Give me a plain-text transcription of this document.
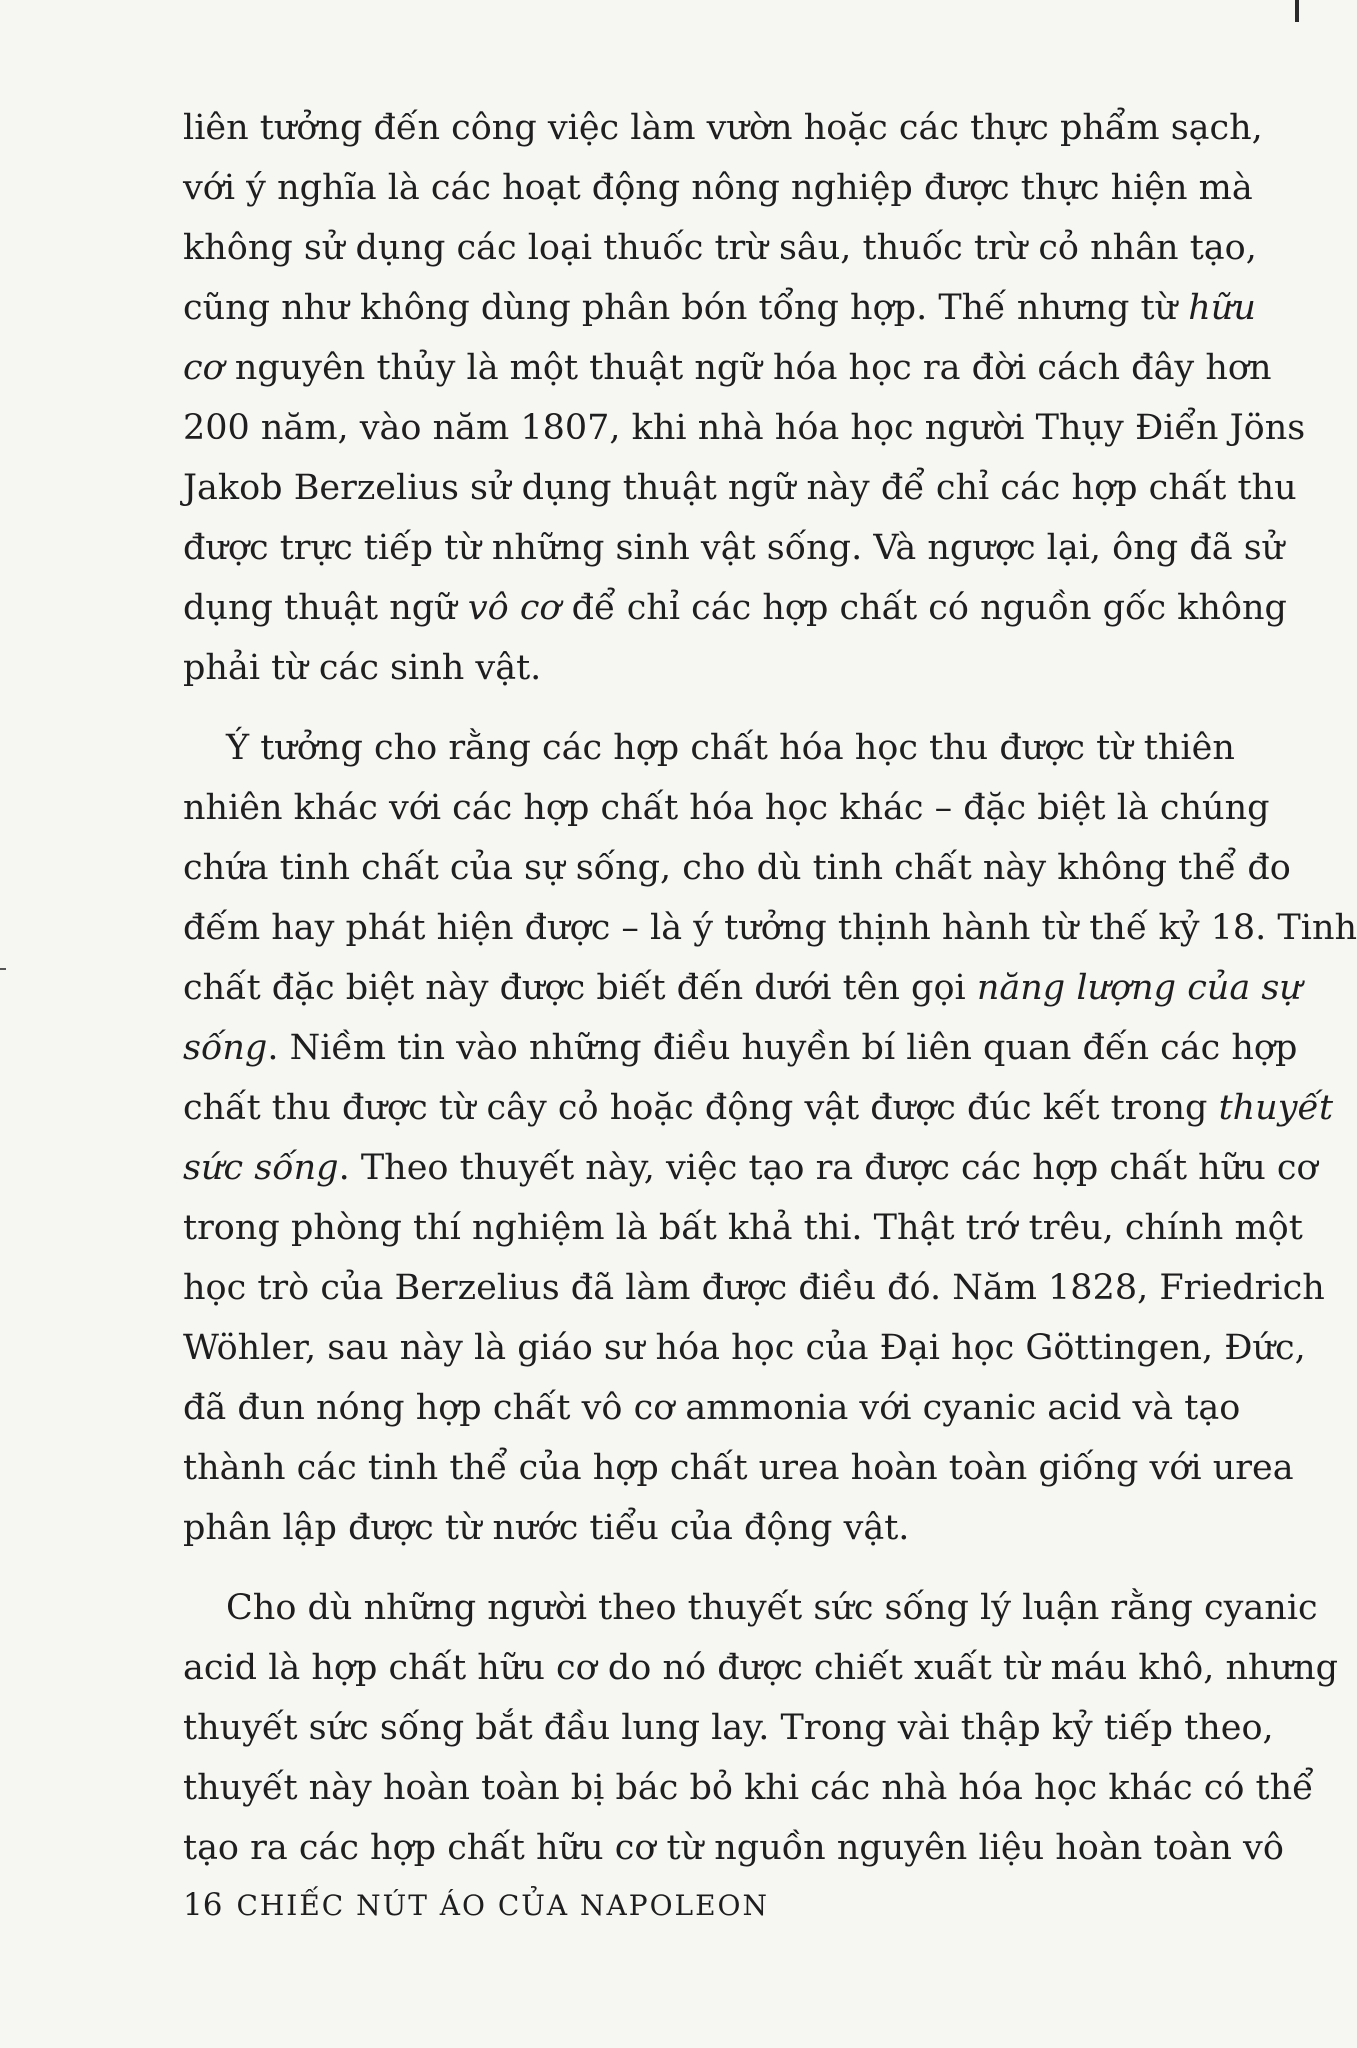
liên tưởng đến công việc làm vườn hoặc các thực phẩm sạch,
với ý nghĩa là các hoạt động nông nghiệp được thực hiện mà
không sử dụng các loại thuốc trừ sâu, thuốc trừ cỏ nhân tạo,
cũng như không dùng phân bón tổng hợp. Thế nhưng từ hữu
cơ nguyên thủy là một thuật ngữ hóa học ra đời cách đây hơn
200 năm, vào năm 1807, khi nhà hóa học người Thụy Điển Jöns
Jakob Berzelius sử dụng thuật ngữ này để chỉ các hợp chất thu
được trực tiếp từ những sinh vật sống. Và ngược lại, ông đã sử
dụng thuật ngữ vô cơ để chỉ các hợp chất có nguồn gốc không
phải từ các sinh vật.
Ý tưởng cho rằng các hợp chất hóa học thu được từ thiên
nhiên khác với các hợp chất hóa học khác – đặc biệt là chúng
chứa tinh chất của sự sống, cho dù tinh chất này không thể đo
đếm hay phát hiện được – là ý tưởng thịnh hành từ thế kỷ 18. Tinh
chất đặc biệt này được biết đến dưới tên gọi năng lượng của sự
sống. Niềm tin vào những điều huyền bí liên quan đến các hợp
chất thu được từ cây cỏ hoặc động vật được đúc kết trong thuyết
sức sống. Theo thuyết này, việc tạo ra được các hợp chất hữu cơ
trong phòng thí nghiệm là bất khả thi. Thật trớ trêu, chính một
học trò của Berzelius đã làm được điều đó. Năm 1828, Friedrich
Wöhler, sau này là giáo sư hóa học của Đại học Göttingen, Đức,
đã đun nóng hợp chất vô cơ ammonia với cyanic acid và tạo
thành các tinh thể của hợp chất urea hoàn toàn giống với urea
phân lập được từ nước tiểu của động vật.
Cho dù những người theo thuyết sức sống lý luận rằng cyanic
acid là hợp chất hữu cơ do nó được chiết xuất từ máu khô, nhưng
thuyết sức sống bắt đầu lung lay. Trong vài thập kỷ tiếp theo,
thuyết này hoàn toàn bị bác bỏ khi các nhà hóa học khác có thể
tạo ra các hợp chất hữu cơ từ nguồn nguyên liệu hoàn toàn vô
16 CHIẾC NÚT ÁO CỦA NAPOLEON
